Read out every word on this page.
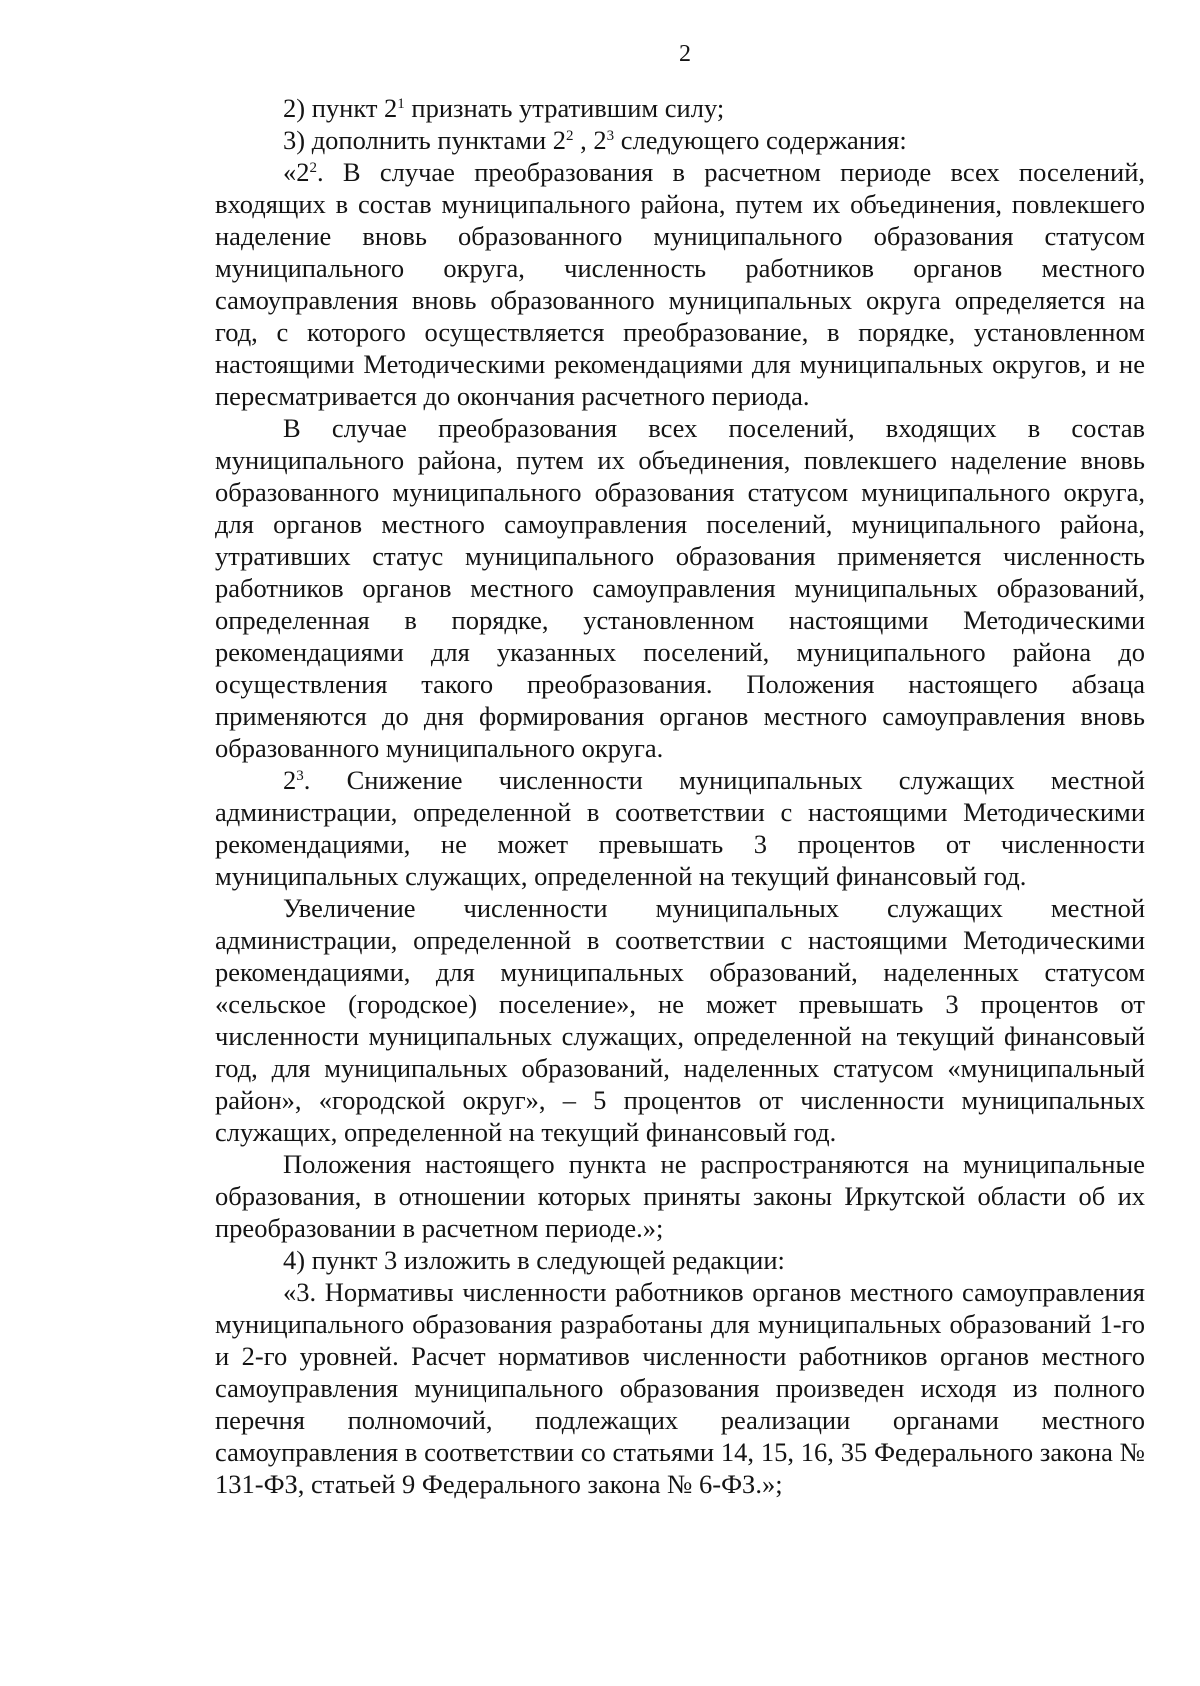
2

2) пункт $2^1$ признать утратившим силу;

3) дополнить пунктами $2^2$ , $2^3$ следующего содержания:

«$2^2$. В случае преобразования в расчетном периоде всех поселений, входящих в состав муниципального района, путем их объединения, повлекшего наделение вновь образованного муниципального образования статусом муниципального округа, численность работников органов местного самоуправления вновь образованного муниципальных округа определяется на год, с которого осуществляется преобразование, в порядке, установленном настоящими Методическими рекомендациями для муниципальных округов, и не пересматривается до окончания расчетного периода.

В случае преобразования всех поселений, входящих в состав муниципального района, путем их объединения, повлекшего наделение вновь образованного муниципального образования статусом муниципального округа, для органов местного самоуправления поселений, муниципального района, утративших статус муниципального образования применяется численность работников органов местного самоуправления муниципальных образований, определенная в порядке, установленном настоящими Методическими рекомендациями для указанных поселений, муниципального района до осуществления такого преобразования. Положения настоящего абзаца применяются до дня формирования органов местного самоуправления вновь образованного муниципального округа.

$2^3$. Снижение численности муниципальных служащих местной администрации, определенной в соответствии с настоящими Методическими рекомендациями, не может превышать 3 процентов от численности муниципальных служащих, определенной на текущий финансовый год.

Увеличение численности муниципальных служащих местной администрации, определенной в соответствии с настоящими Методическими рекомендациями, для муниципальных образований, наделенных статусом «сельское (городское) поселение», не может превышать 3 процентов от численности муниципальных служащих, определенной на текущий финансовый год, для муниципальных образований, наделенных статусом «муниципальный район», «городской округ», – 5 процентов от численности муниципальных служащих, определенной на текущий финансовый год.

Положения настоящего пункта не распространяются на муниципальные образования, в отношении которых приняты законы Иркутской области об их преобразовании в расчетном периоде.»;

4) пункт 3 изложить в следующей редакции:

«3. Нормативы численности работников органов местного самоуправления муниципального образования разработаны для муниципальных образований 1-го и 2-го уровней. Расчет нормативов численности работников органов местного самоуправления муниципального образования произведен исходя из полного перечня полномочий, подлежащих реализации органами местного самоуправления в соответствии со статьями 14, 15, 16, 35 Федерального закона № 131-ФЗ, статьей 9 Федерального закона № 6-ФЗ.»;
